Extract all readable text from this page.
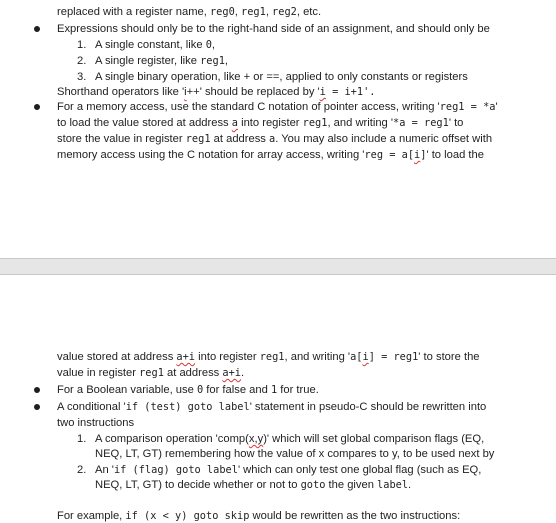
replaced with a register name, reg0, reg1, reg2, etc.
Expressions should only be to the right-hand side of an assignment, and should only be
1. A single constant, like 0,
2. A single register, like reg1,
3. A single binary operation, like + or ==, applied to only constants or registers
Shorthand operators like 'i++' should be replaced by 'i = i+1'.
For a memory access, use the standard C notation of pointer access, writing 'reg1 = *a'
to load the value stored at address a into register reg1, and writing '*a = reg1' to
store the value in register reg1 at address a. You may also include a numeric offset with
memory access using the C notation for array access, writing 'reg = a[i]' to load the
value stored at address a+i into register reg1, and writing 'a[i] = reg1' to store the
value in register reg1 at address a+i.
For a Boolean variable, use 0 for false and 1 for true.
A conditional 'if (test) goto label' statement in pseudo-C should be rewritten into
two instructions
1. A comparison operation 'comp(x,y)' which will set global comparison flags (EQ,
NEQ, LT, GT) remembering how the value of x compares to y, to be used next by
2. An 'if (flag) goto label' which can only test one global flag (such as EQ,
NEQ, LT, GT) to decide whether or not to goto the given label.
For example, if (x < y) goto skip would be rewritten as the two instructions:
